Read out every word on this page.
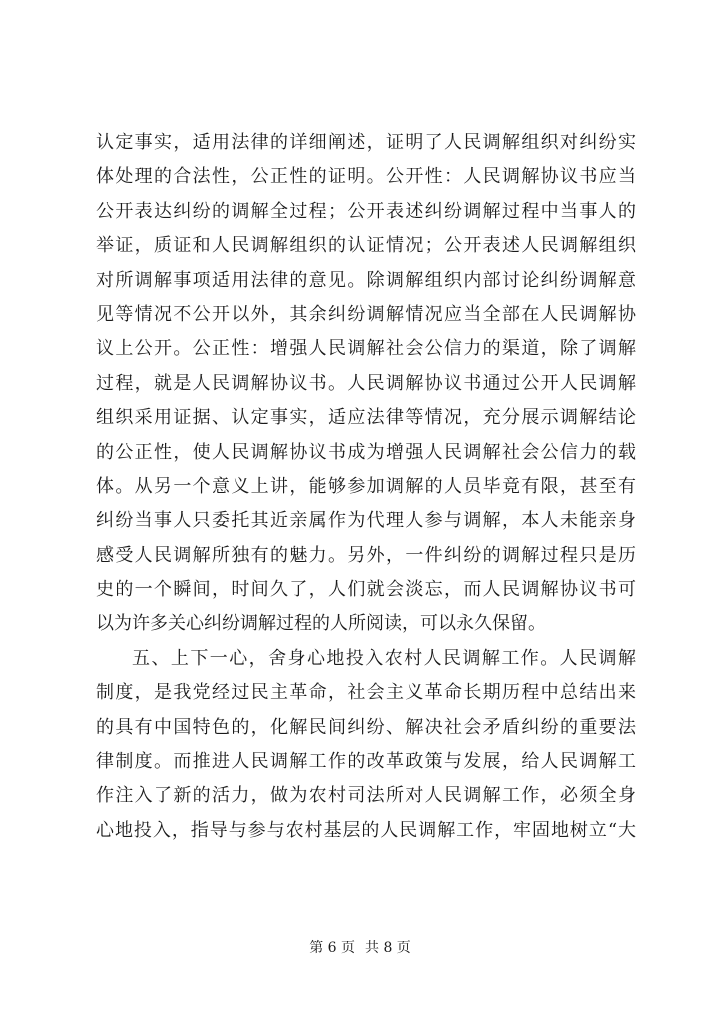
认定事实，适用法律的详细阐述，证明了人民调解组织对纠纷实
体处理的合法性，公正性的证明。公开性：人民调解协议书应当
公开表达纠纷的调解全过程；公开表述纠纷调解过程中当事人的
举证，质证和人民调解组织的认证情况；公开表述人民调解组织
对所调解事项适用法律的意见。除调解组织内部讨论纠纷调解意
见等情况不公开以外，其余纠纷调解情况应当全部在人民调解协
议上公开。公正性：增强人民调解社会公信力的渠道，除了调解
过程，就是人民调解协议书。人民调解协议书通过公开人民调解
组织采用证据、认定事实，适应法律等情况，充分展示调解结论
的公正性，使人民调解协议书成为增强人民调解社会公信力的载
体。从另一个意义上讲，能够参加调解的人员毕竟有限，甚至有
纠纷当事人只委托其近亲属作为代理人参与调解，本人未能亲身
感受人民调解所独有的魅力。另外，一件纠纷的调解过程只是历
史的一个瞬间，时间久了，人们就会淡忘，而人民调解协议书可
以为许多关心纠纷调解过程的人所阅读，可以永久保留。
五、上下一心，舍身心地投入农村人民调解工作。人民调解
制度，是我党经过民主革命，社会主义革命长期历程中总结出来
的具有中国特色的，化解民间纠纷、解决社会矛盾纠纷的重要法
律制度。而推进人民调解工作的改革政策与发展，给人民调解工
作注入了新的活力，做为农村司法所对人民调解工作，必须全身
心地投入，指导与参与农村基层的人民调解工作，牢固地树立“大
第 6 页 共 8 页
